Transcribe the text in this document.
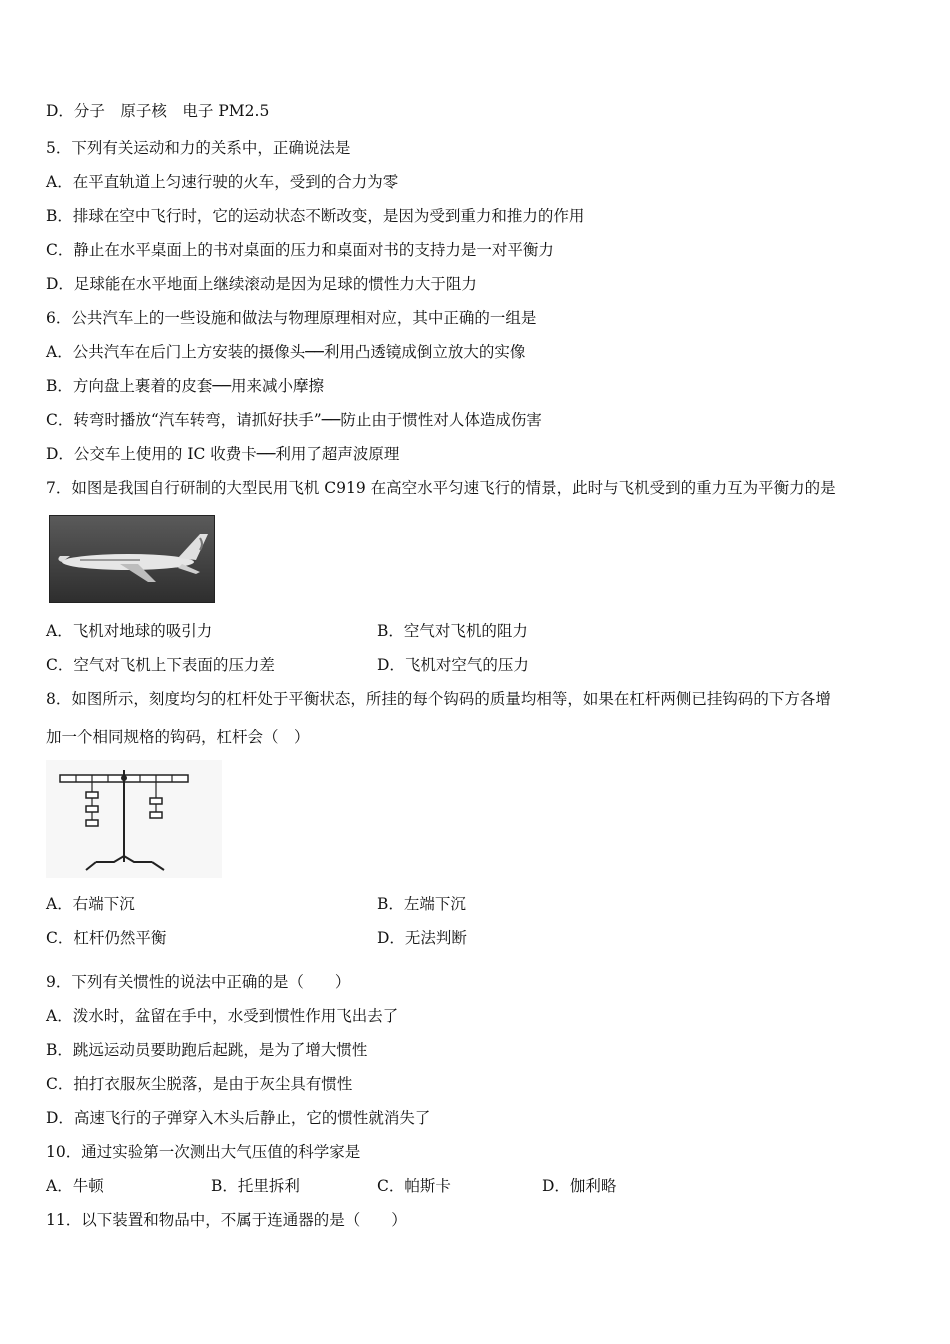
D．分子　原子核　电子 PM2.5
5．下列有关运动和力的关系中，正确说法是
A．在平直轨道上匀速行驶的火车，受到的合力为零
B．排球在空中飞行时，它的运动状态不断改变，是因为受到重力和推力的作用
C．静止在水平桌面上的书对桌面的压力和桌面对书的支持力是一对平衡力
D．足球能在水平地面上继续滚动是因为足球的惯性力大于阻力
6．公共汽车上的一些设施和做法与物理原理相对应，其中正确的一组是
A．公共汽车在后门上方安装的摄像头──利用凸透镜成倒立放大的实像
B．方向盘上裹着的皮套──用来减小摩擦
C．转弯时播放“汽车转弯，请抓好扶手”──防止由于惯性对人体造成伤害
D．公交车上使用的 IC 收费卡──利用了超声波原理
7．如图是我国自行研制的大型民用飞机 C919 在高空水平匀速飞行的情景，此时与飞机受到的重力互为平衡力的是
A．飞机对地球的吸引力	B．空气对飞机的阻力
C．空气对飞机上下表面的压力差	D．飞机对空气的压力
8．如图所示，刻度均匀的杠杆处于平衡状态，所挂的每个钩码的质量均相等，如果在杠杆两侧已挂钩码的下方各增
加一个相同规格的钩码，杠杆会（　）
A．右端下沉	B．左端下沉
C．杠杆仍然平衡	D．无法判断
9．下列有关惯性的说法中正确的是（　　）
A．泼水时，盆留在手中，水受到惯性作用飞出去了
B．跳远运动员要助跑后起跳，是为了增大惯性
C．拍打衣服灰尘脱落，是由于灰尘具有惯性
D．高速飞行的子弹穿入木头后静止，它的惯性就消失了
10．通过实验第一次测出大气压值的科学家是
A．牛顿	B．托里拆利	C．帕斯卡	D．伽利略
11．以下装置和物品中，不属于连通器的是（　　）
